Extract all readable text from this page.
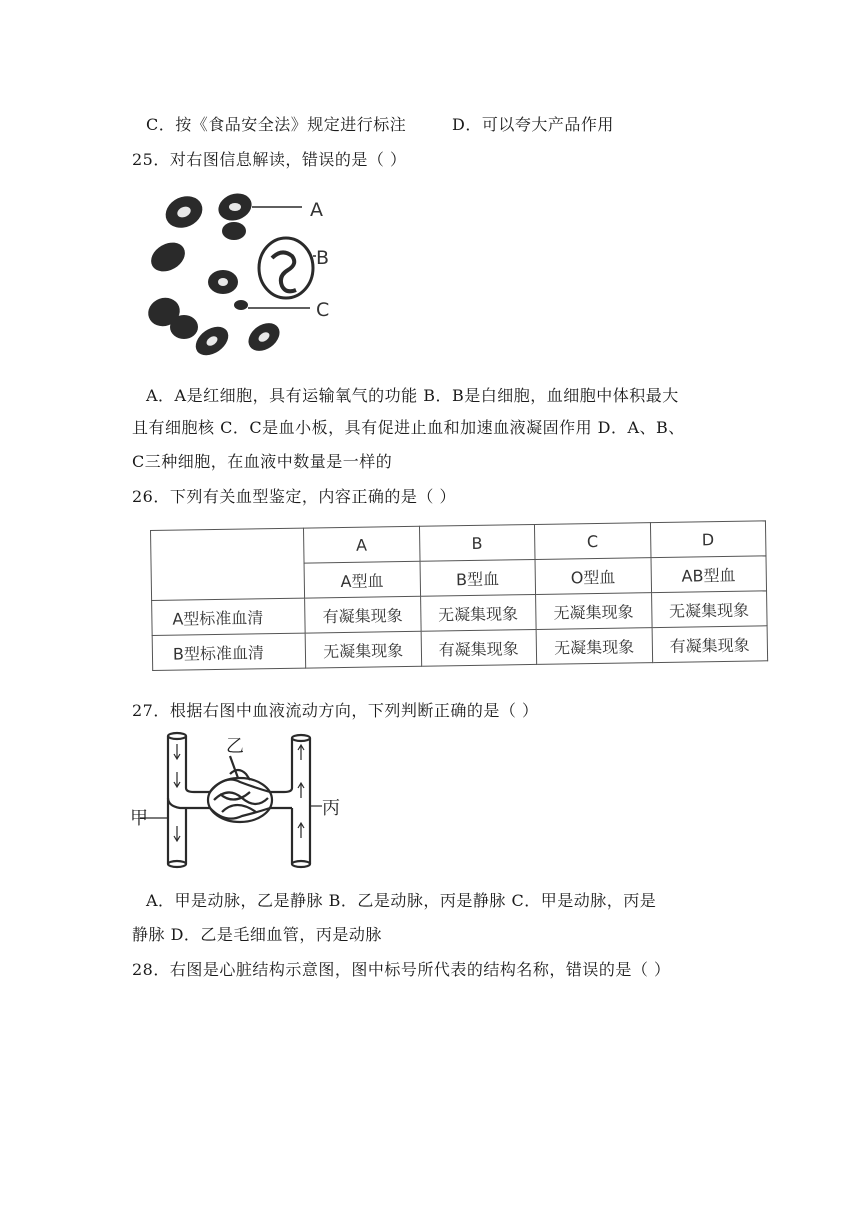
C．按《食品安全法》规定进行标注	D．可以夸大产品作用
25．对右图信息解读，错误的是（ ）
A
B
C
A．A是红细胞，具有运输氧气的功能 B．B是白细胞，血细胞中体积最大
且有细胞核 C．C是血小板，具有促进止血和加速血液凝固作用 D．A、B、
C三种细胞，在血液中数量是一样的
26．下列有关血型鉴定，内容正确的是（ ）
	A	B	C	D
	A型血	B型血	O型血	AB型血
A型标准血清	有凝集现象	无凝集现象	无凝集现象	无凝集现象
B型标准血清	无凝集现象	有凝集现象	无凝集现象	有凝集现象
27．根据右图中血液流动方向，下列判断正确的是（ ）
甲
乙
丙
A．甲是动脉，乙是静脉 B．乙是动脉，丙是静脉 C．甲是动脉，丙是
静脉 D．乙是毛细血管，丙是动脉
28．右图是心脏结构示意图，图中标号所代表的结构名称，错误的是（ ）
